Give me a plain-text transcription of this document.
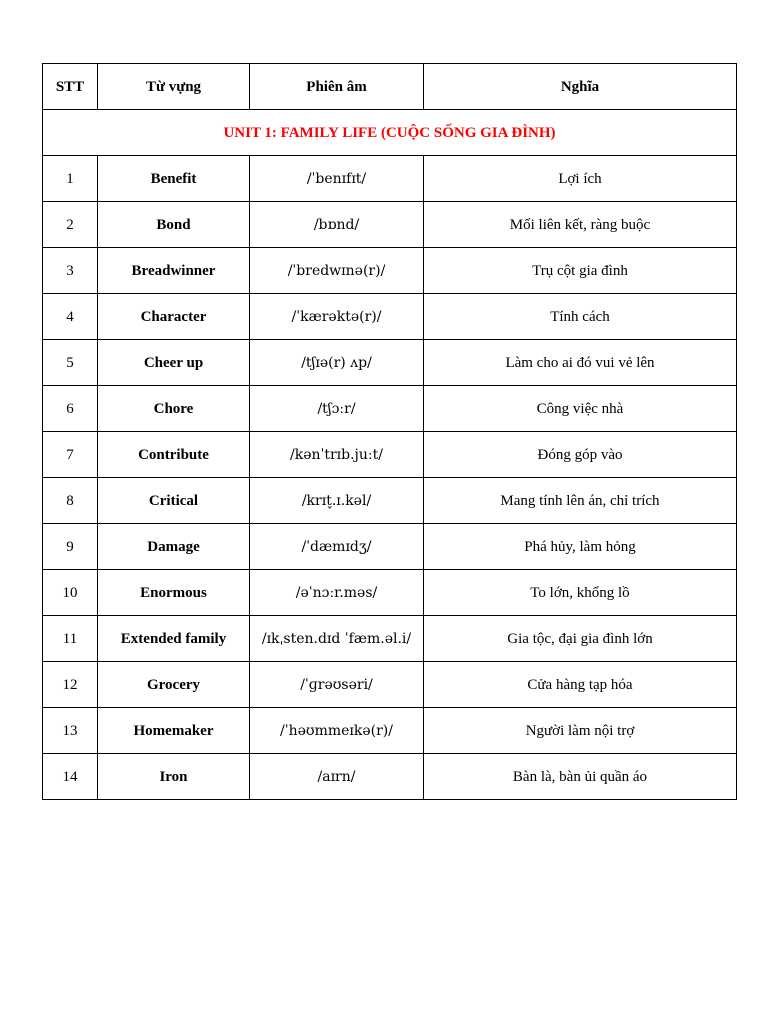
STT	Từ vựng	Phiên âm	Nghĩa
UNIT 1: FAMILY LIFE (CUỘC SỐNG GIA ĐÌNH)			
1	Benefit	/ˈbenɪfɪt/	Lợi ích
2	Bond	/bɒnd/	Mối liên kết, ràng buộc
3	Breadwinner	/ˈbredwɪnə(r)/	Trụ cột gia đình
4	Character	/ˈkærəktə(r)/	Tính cách
5	Cheer up	/tʃɪə(r) ʌp/	Làm cho ai đó vui vẻ lên
6	Chore	/tʃɔːr/	Công việc nhà
7	Contribute	/kənˈtrɪb.juːt/	Đóng góp vào
8	Critical	/krɪt̬.ɪ.kəl/	Mang tính lên án, chỉ trích
9	Damage	/ˈdæmɪdʒ/	Phá hủy, làm hỏng
10	Enormous	/əˈnɔːr.məs/	To lớn, khổng lồ
11	Extended family	/ɪkˌsten.dɪd ˈfæm.əl.i/	Gia tộc, đại gia đình lớn
12	Grocery	/ˈɡrəʊsəri/	Cửa hàng tạp hóa
13	Homemaker	/ˈhəʊmmeɪkə(r)/	Người làm nội trợ
14	Iron	/aɪrn/	Bàn là, bàn ủi quần áo
